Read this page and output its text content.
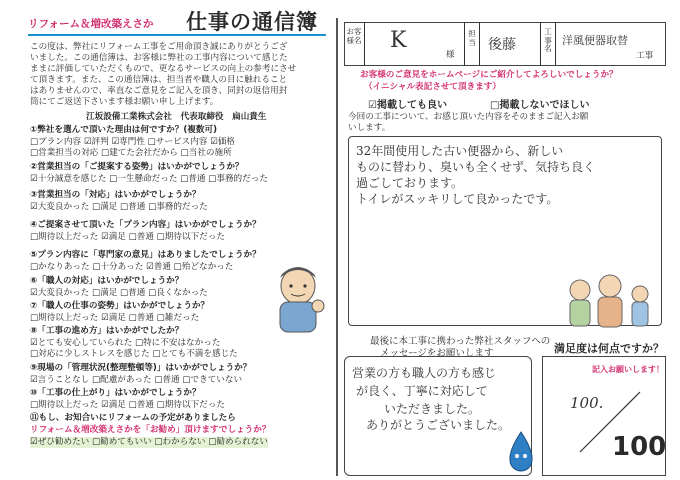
リフォーム＆増改築えさか 仕事の通信簿
この度は、弊社にリフォーム工事をご用命頂き誠にありがとうござ
いました。この通信簿は、お客様に弊社の工事内容について感じた
ままに評価していただくもので、更なるサービスの向上の参考にさせ
て頂きます。また、この通信簿は、担当者や職人の目に触れること
はありませんので、率直なご意見をご記入を頂き、同封の返信用封
筒にてご返送下さいます様お願い申し上げます。
江坂設備工業株式会社　代表取締役　扁山貴生
①弊社を選んで頂いた理由は何ですか？(複数可)
□プラン内容 ☑評判 ☑専門性 □サービス内容 ☑価格
□営業担当の対応 □建てた会社だから □当社の施所
②営業担当の「ご提案する姿勢」はいかがでしょうか？
☑十分誠意を感じた □一生懸命だった □普通 □事務的だった
③営業担当の「対応」はいかがでしょうか？
☑大変良かった □満足 □普通 □事務的だった
④ご提案させて頂いた「プラン内容」はいかがでしょうか？
□期待以上だった ☑満足 □普通 □期待以下だった
⑤プラン内容に「専門家の意見」はありましたでしょうか？
□かなりあった □十分あった ☑普通 □殆どなかった
⑥「職人の対応」はいかがでしょうか？
☑大変良かった □満足 □普通 □良くなかった
⑦「職人の仕事の姿勢」はいかがでしょうか？
□期待以上だった ☑満足 □普通 □雑だった
⑧「工事の進め方」はいかがでしたか？
☑とても安心していられた □特に不安はなかった
□対応に少しストレスを感じた □とても不満を感じた
⑨現場の「管理状況(整理整頓等)」はいかがでしょうか？
☑言うことなし □配慮があった □普通 □できていない
⑩「工事の仕上がり」はいかがでしょうか？
□期待以上だった ☑満足 □普通 □期待以下だった
⑪もし、お知合いにリフォームの予定がありましたら
リフォーム＆増改築えさかを「お勧め」頂けますでしょうか？
☑ぜひ勧めたい □勧めてもいい □わからない □勧められない
お客様名 K
様
担当 後藤
工事名
洋風便器取替
工事
お客様のご意見をホームページにご紹介してよろしいでしょうか？
（イニシャル表記させて頂きます）
☑掲載しても良い	□掲載しないでほしい
今回の工事について、お感じ頂いた内容をそのままご記入お願
いします。
32年間使用した古い便器から、新しい
ものに替わり、臭いも全くせず、気持ち良く
過ごしております。
トイレがスッキリして良かったです。
最後に本工事に携わった弊社スタッフへの
メッセージをお願いします
営業の方も職人の方も感じ
が良く、丁寧に対応して
いただきました。
ありがとうございました。
満足度は何点ですか？
記入お願いします！
100.
100
